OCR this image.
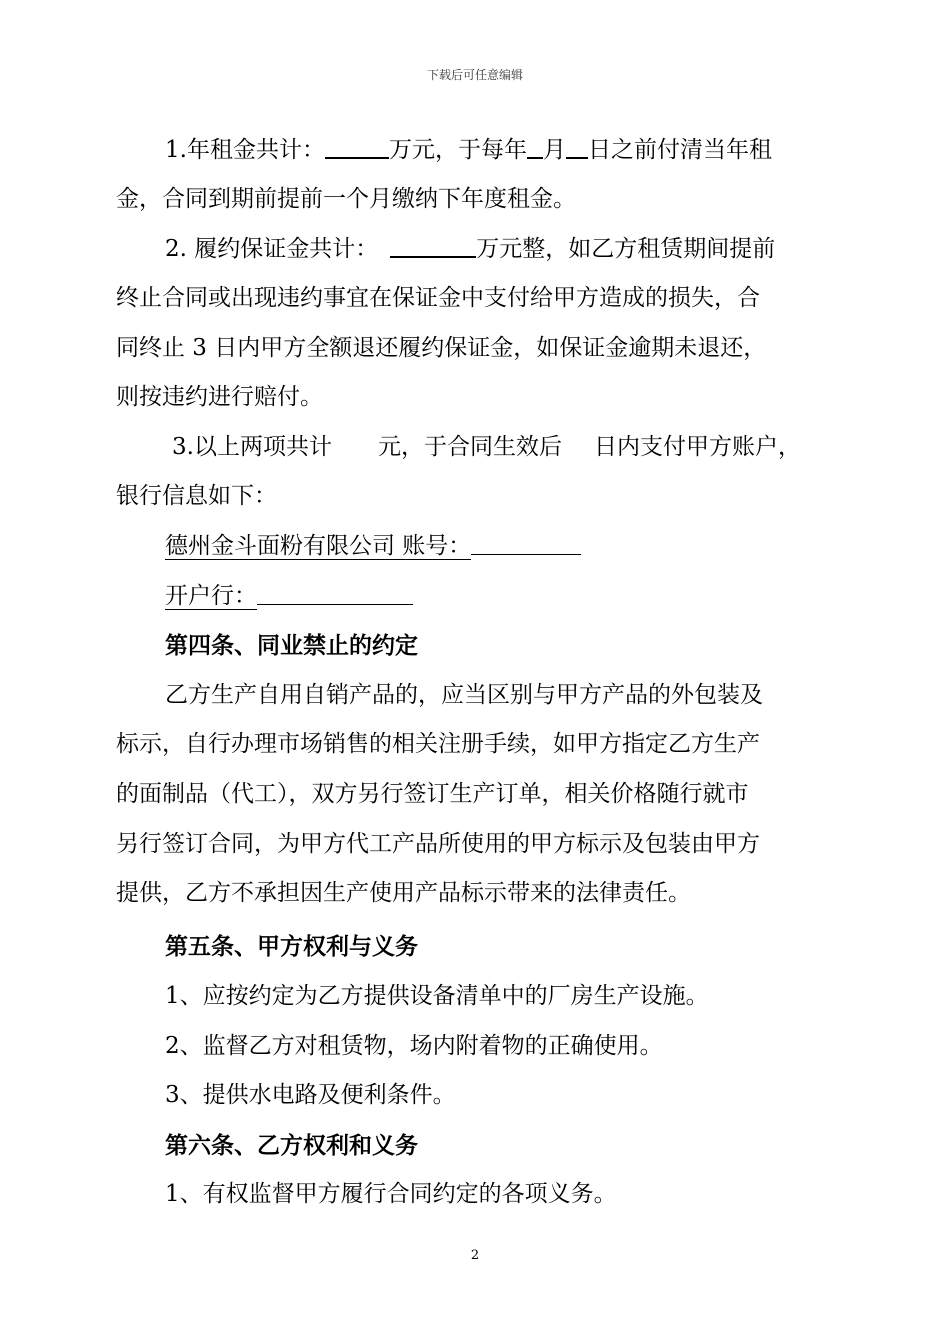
下载后可任意编辑
1.年租金共计：	万元，于每年 月 日之前付清当年租
金，合同到期前提前一个月缴纳下年度租金。
2. 履约保证金共计：	万元整，如乙方租赁期间提前
终止合同或出现违约事宜在保证金中支付给甲方造成的损失，合
同终止 3 日内甲方全额退还履约保证金，如保证金逾期未退还，
则按违约进行赔付。
3.以上两项共计 元，于合同生效后 日内支付甲方账户，
银行信息如下：
德州金斗面粉有限公司 账号：
开户行：
第四条、同业禁止的约定
乙方生产自用自销产品的，应当区别与甲方产品的外包装及
标示，自行办理市场销售的相关注册手续，如甲方指定乙方生产
的面制品（代工），双方另行签订生产订单，相关价格随行就市
另行签订合同，为甲方代工产品所使用的甲方标示及包装由甲方
提供，乙方不承担因生产使用产品标示带来的法律责任。
第五条、甲方权利与义务
1、应按约定为乙方提供设备清单中的厂房生产设施。
2、监督乙方对租赁物，场内附着物的正确使用。
3、提供水电路及便利条件。
第六条、乙方权利和义务
1、有权监督甲方履行合同约定的各项义务。
2
